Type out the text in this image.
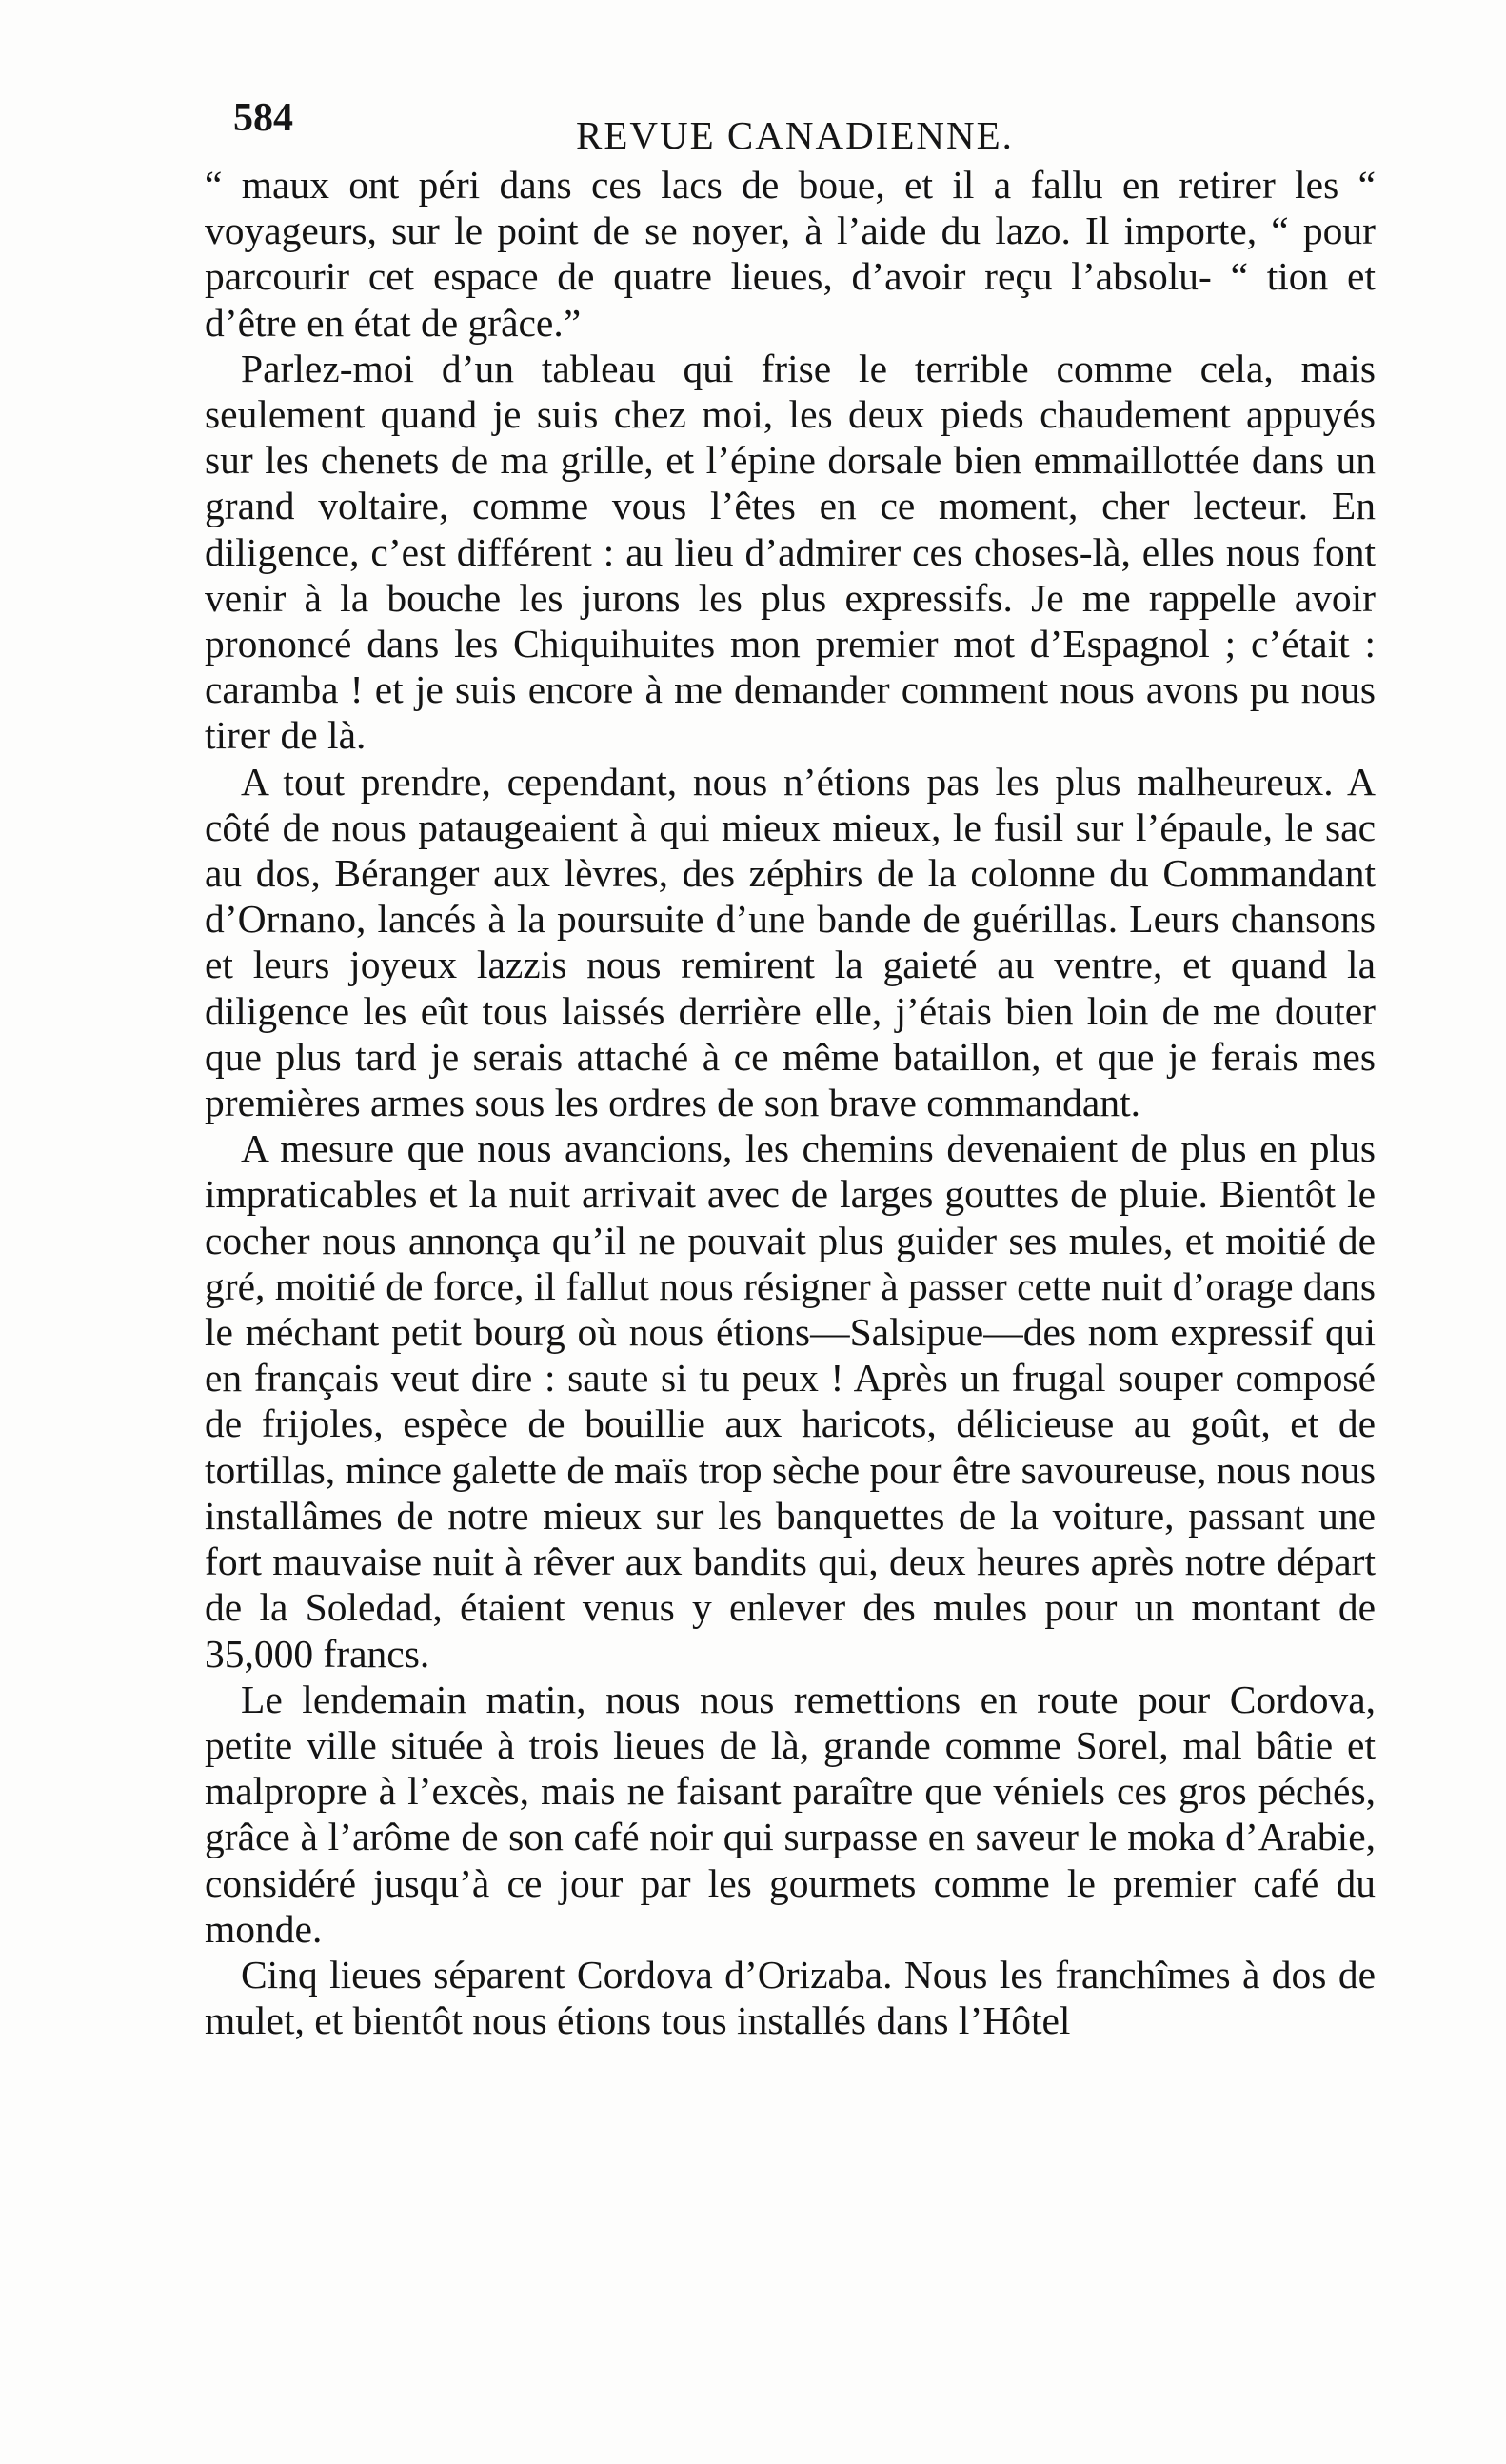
584	REVUE CANADIENNE.

“ maux ont péri dans ces lacs de boue, et il a fallu en retirer les “ voyageurs, sur le point de se noyer, à l’aide du lazo. Il importe, “ pour parcourir cet espace de quatre lieues, d’avoir reçu l’absolu- “ tion et d’être en état de grâce.”

Parlez-moi d’un tableau qui frise le terrible comme cela, mais seulement quand je suis chez moi, les deux pieds chaudement appuyés sur les chenets de ma grille, et l’épine dorsale bien emmaillottée dans un grand voltaire, comme vous l’êtes en ce moment, cher lecteur. En diligence, c’est différent : au lieu d’admirer ces choses-là, elles nous font venir à la bouche les jurons les plus expressifs. Je me rappelle avoir prononcé dans les Chiquihuites mon premier mot d’Espagnol ; c’était : caramba ! et je suis encore à me demander comment nous avons pu nous tirer de là.

A tout prendre, cependant, nous n’étions pas les plus malheureux. A côté de nous pataugeaient à qui mieux mieux, le fusil sur l’épaule, le sac au dos, Béranger aux lèvres, des zéphirs de la colonne du Commandant d’Ornano, lancés à la poursuite d’une bande de guérillas. Leurs chansons et leurs joyeux lazzis nous remirent la gaieté au ventre, et quand la diligence les eût tous laissés derrière elle, j’étais bien loin de me douter que plus tard je serais attaché à ce même bataillon, et que je ferais mes premières armes sous les ordres de son brave commandant.

A mesure que nous avancions, les chemins devenaient de plus en plus impraticables et la nuit arrivait avec de larges gouttes de pluie. Bientôt le cocher nous annonça qu’il ne pouvait plus guider ses mules, et moitié de gré, moitié de force, il fallut nous résigner à passer cette nuit d’orage dans le méchant petit bourg où nous étions—Salsipue—des nom expressif qui en français veut dire : saute si tu peux ! Après un frugal souper composé de frijoles, espèce de bouillie aux haricots, délicieuse au goût, et de tortillas, mince galette de maïs trop sèche pour être savoureuse, nous nous installâmes de notre mieux sur les banquettes de la voiture, passant une fort mauvaise nuit à rêver aux bandits qui, deux heures après notre départ de la Soledad, étaient venus y enlever des mules pour un montant de 35,000 francs.

Le lendemain matin, nous nous remettions en route pour Cordova, petite ville située à trois lieues de là, grande comme Sorel, mal bâtie et malpropre à l’excès, mais ne faisant paraître que véniels ces gros péchés, grâce à l’arôme de son café noir qui surpasse en saveur le moka d’Arabie, considéré jusqu’à ce jour par les gourmets comme le premier café du monde.

Cinq lieues séparent Cordova d’Orizaba. Nous les franchîmes à dos de mulet, et bientôt nous étions tous installés dans l’Hôtel
